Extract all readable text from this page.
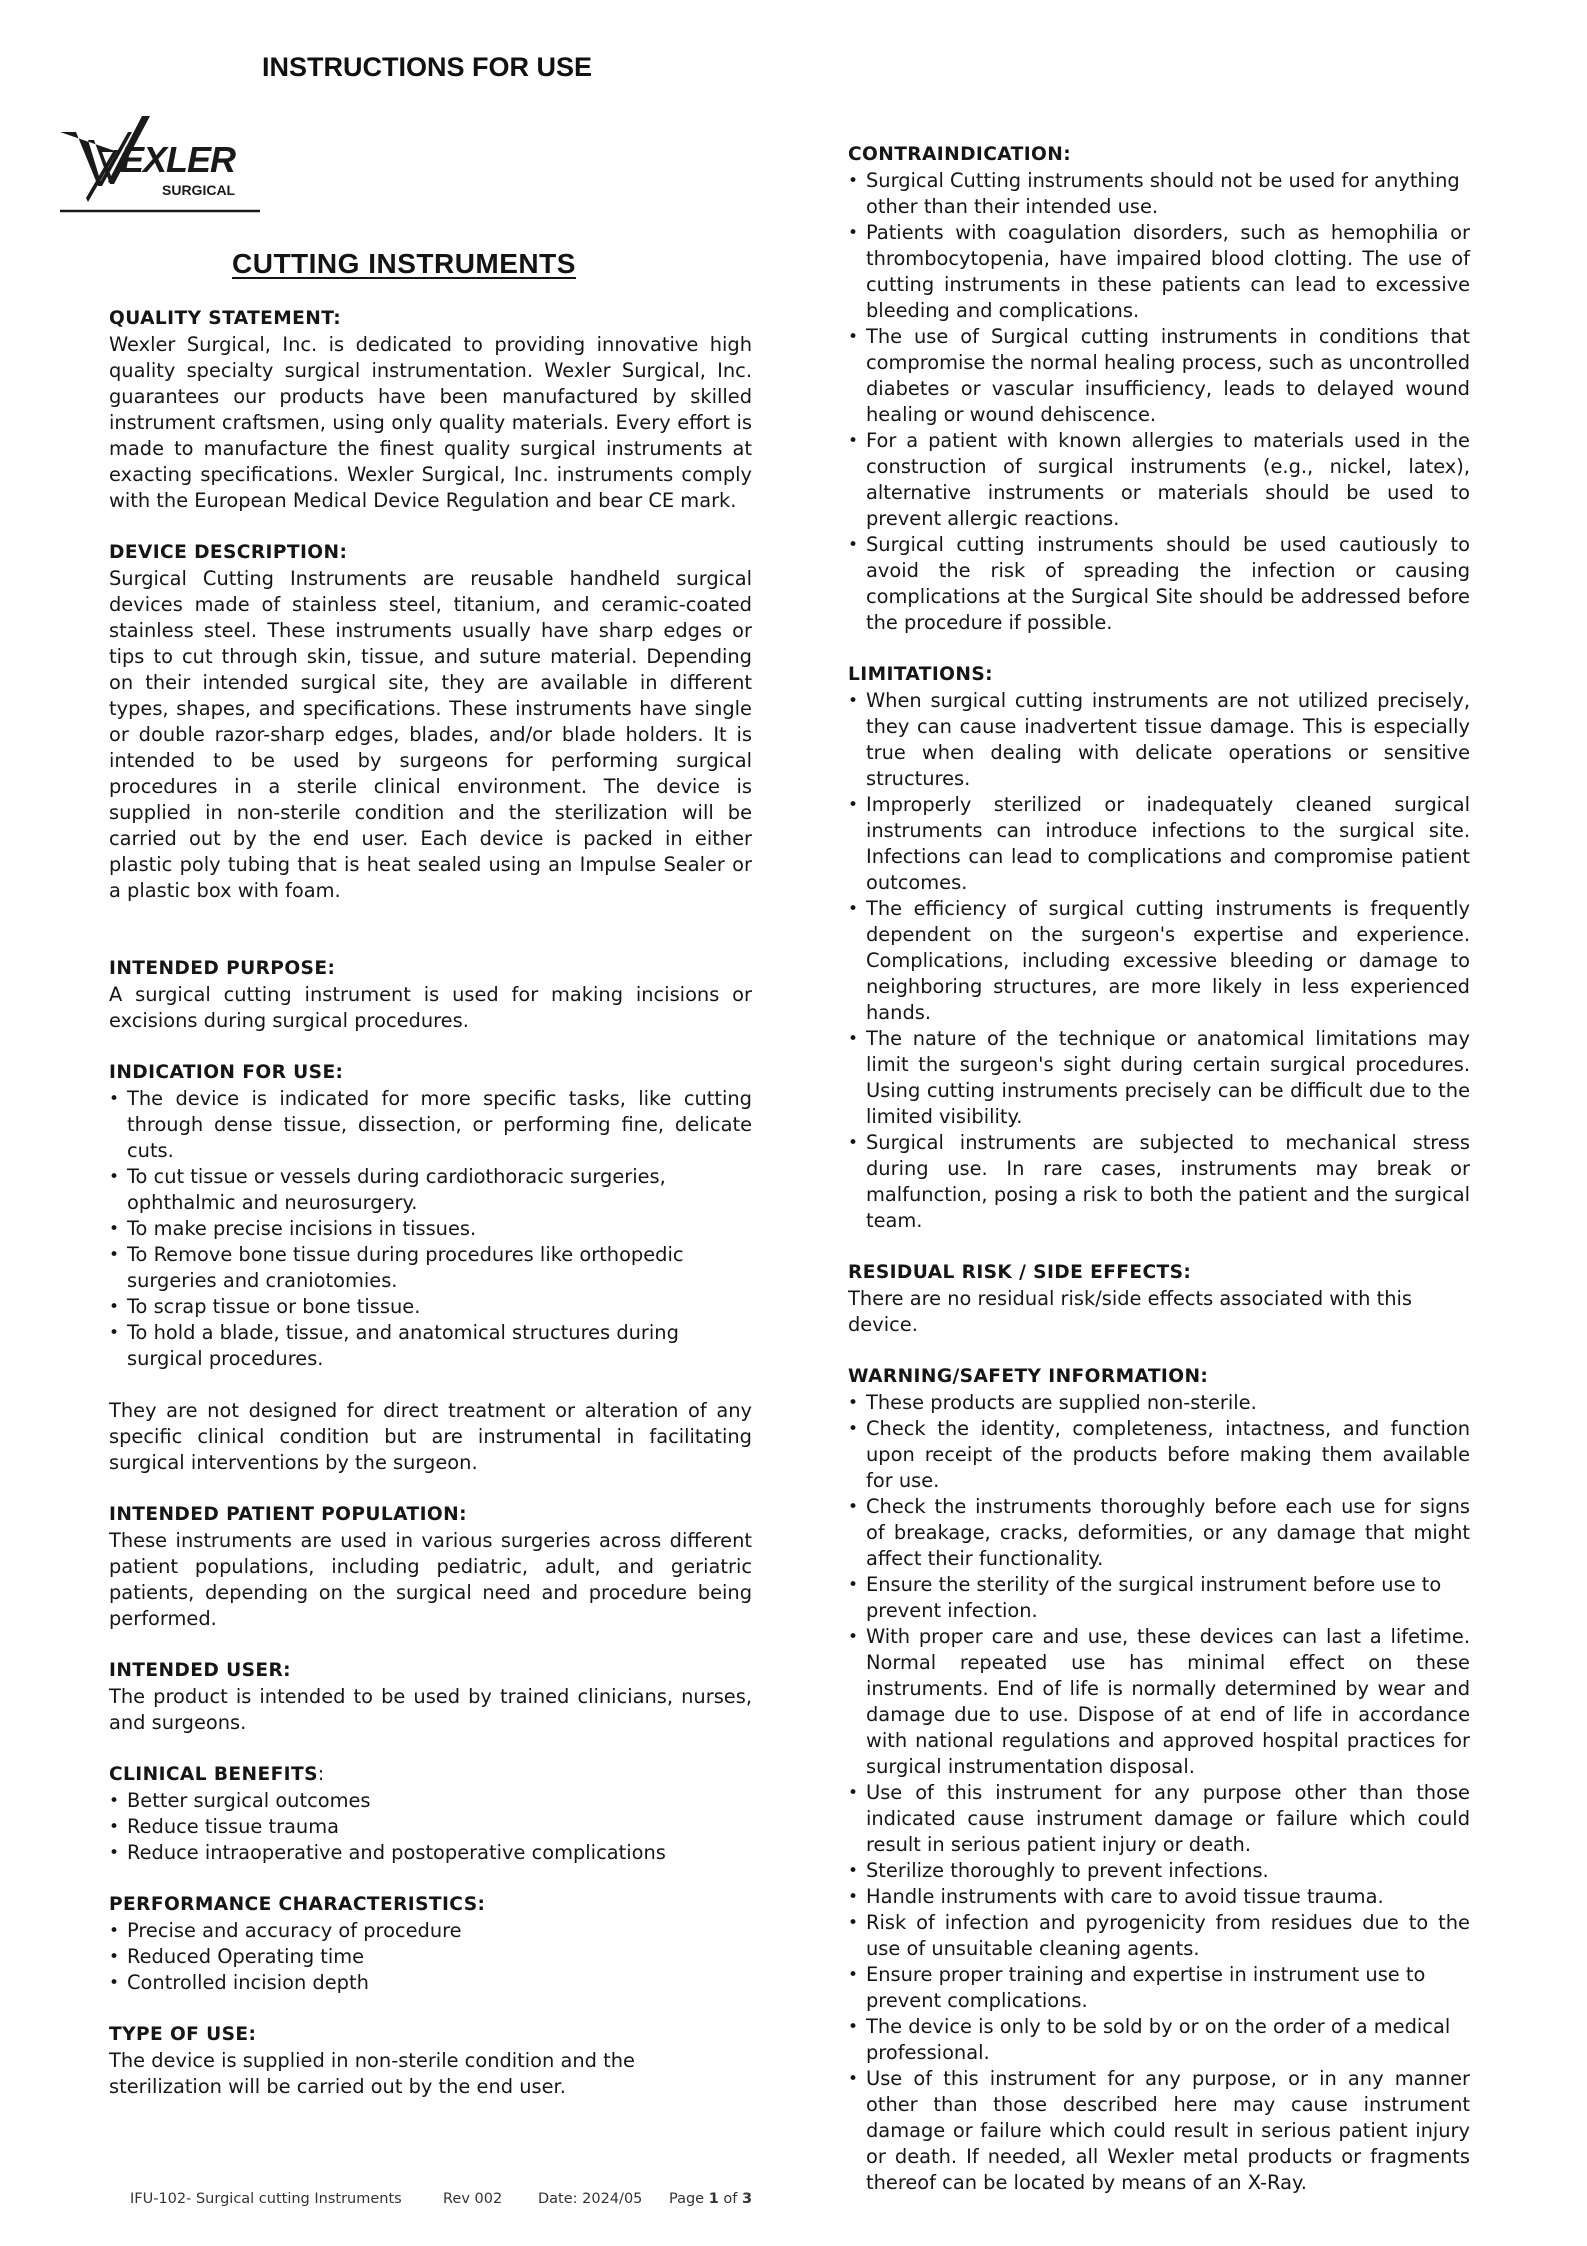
INSTRUCTIONS FOR USE
EXLER
SURGICAL
CUTTING INSTRUMENTS

QUALITY STATEMENT:

Wexler Surgical, Inc. is dedicated to providing innovative high quality specialty surgical instrumentation. Wexler Surgical, Inc. guarantees our products have been manufactured by skilled instrument craftsmen, using only quality materials. Every effort is made to manufacture the finest quality surgical instruments at exacting specifications. Wexler Surgical, Inc. instruments comply with the European Medical Device Regulation and bear CE mark.

DEVICE DESCRIPTION:

Surgical Cutting Instruments are reusable handheld surgical devices made of stainless steel, titanium, and ceramic-coated stainless steel. These instruments usually have sharp edges or tips to cut through skin, tissue, and suture material. Depending on their intended surgical site, they are available in different types, shapes, and specifications. These instruments have single or double razor-sharp edges, blades, and/or blade holders. It is intended to be used by surgeons for performing surgical procedures in a sterile clinical environment. The device is supplied in non-sterile condition and the sterilization will be carried out by the end user. Each device is packed in either plastic poly tubing that is heat sealed using an Impulse Sealer or a plastic box with foam.

INTENDED PURPOSE:

A surgical cutting instrument is used for making incisions or excisions during surgical procedures.

INDICATION FOR USE:

• The device is indicated for more specific tasks, like cutting through dense tissue, dissection, or performing fine, delicate cuts.
• To cut tissue or vessels during cardiothoracic surgeries, ophthalmic and neurosurgery.
• To make precise incisions in tissues.
• To Remove bone tissue during procedures like orthopedic surgeries and craniotomies.
• To scrap tissue or bone tissue.
• To hold a blade, tissue, and anatomical structures during surgical procedures.

They are not designed for direct treatment or alteration of any specific clinical condition but are instrumental in facilitating surgical interventions by the surgeon.

INTENDED PATIENT POPULATION:

These instruments are used in various surgeries across different patient populations, including pediatric, adult, and geriatric patients, depending on the surgical need and procedure being performed.

INTENDED USER:

The product is intended to be used by trained clinicians, nurses, and surgeons.

CLINICAL BENEFITS:

• Better surgical outcomes
• Reduce tissue trauma
• Reduce intraoperative and postoperative complications

PERFORMANCE CHARACTERISTICS:

• Precise and accuracy of procedure
• Reduced Operating time
• Controlled incision depth

TYPE OF USE:

The device is supplied in non-sterile condition and the sterilization will be carried out by the end user.

CONTRAINDICATION:

• Surgical Cutting instruments should not be used for anything other than their intended use.
• Patients with coagulation disorders, such as hemophilia or thrombocytopenia, have impaired blood clotting. The use of cutting instruments in these patients can lead to excessive bleeding and complications.
• The use of Surgical cutting instruments in conditions that compromise the normal healing process, such as uncontrolled diabetes or vascular insufficiency, leads to delayed wound healing or wound dehiscence.
• For a patient with known allergies to materials used in the construction of surgical instruments (e.g., nickel, latex), alternative instruments or materials should be used to prevent allergic reactions.
• Surgical cutting instruments should be used cautiously to avoid the risk of spreading the infection or causing complications at the Surgical Site should be addressed before the procedure if possible.

LIMITATIONS:

• When surgical cutting instruments are not utilized precisely, they can cause inadvertent tissue damage. This is especially true when dealing with delicate operations or sensitive structures.
• Improperly sterilized or inadequately cleaned surgical instruments can introduce infections to the surgical site. Infections can lead to complications and compromise patient outcomes.
• The efficiency of surgical cutting instruments is frequently dependent on the surgeon's expertise and experience. Complications, including excessive bleeding or damage to neighboring structures, are more likely in less experienced hands.
• The nature of the technique or anatomical limitations may limit the surgeon's sight during certain surgical procedures. Using cutting instruments precisely can be difficult due to the limited visibility.
• Surgical instruments are subjected to mechanical stress during use. In rare cases, instruments may break or malfunction, posing a risk to both the patient and the surgical team.

RESIDUAL RISK / SIDE EFFECTS:

There are no residual risk/side effects associated with this device.

WARNING/SAFETY INFORMATION:

• These products are supplied non-sterile.
• Check the identity, completeness, intactness, and function upon receipt of the products before making them available for use.
• Check the instruments thoroughly before each use for signs of breakage, cracks, deformities, or any damage that might affect their functionality.
• Ensure the sterility of the surgical instrument before use to prevent infection.
• With proper care and use, these devices can last a lifetime. Normal repeated use has minimal effect on these instruments. End of life is normally determined by wear and damage due to use. Dispose of at end of life in accordance with national regulations and approved hospital practices for surgical instrumentation disposal.
• Use of this instrument for any purpose other than those indicated cause instrument damage or failure which could result in serious patient injury or death.
• Sterilize thoroughly to prevent infections.
• Handle instruments with care to avoid tissue trauma.
• Risk of infection and pyrogenicity from residues due to the use of unsuitable cleaning agents.
• Ensure proper training and expertise in instrument use to prevent complications.
• The device is only to be sold by or on the order of a medical professional.
• Use of this instrument for any purpose, or in any manner other than those described here may cause instrument damage or failure which could result in serious patient injury or death. If needed, all Wexler metal products or fragments thereof can be located by means of an X-Ray.
IFU-102- Surgical cutting Instruments	Rev 002 Date: 2024/05 Page 1 of 3
